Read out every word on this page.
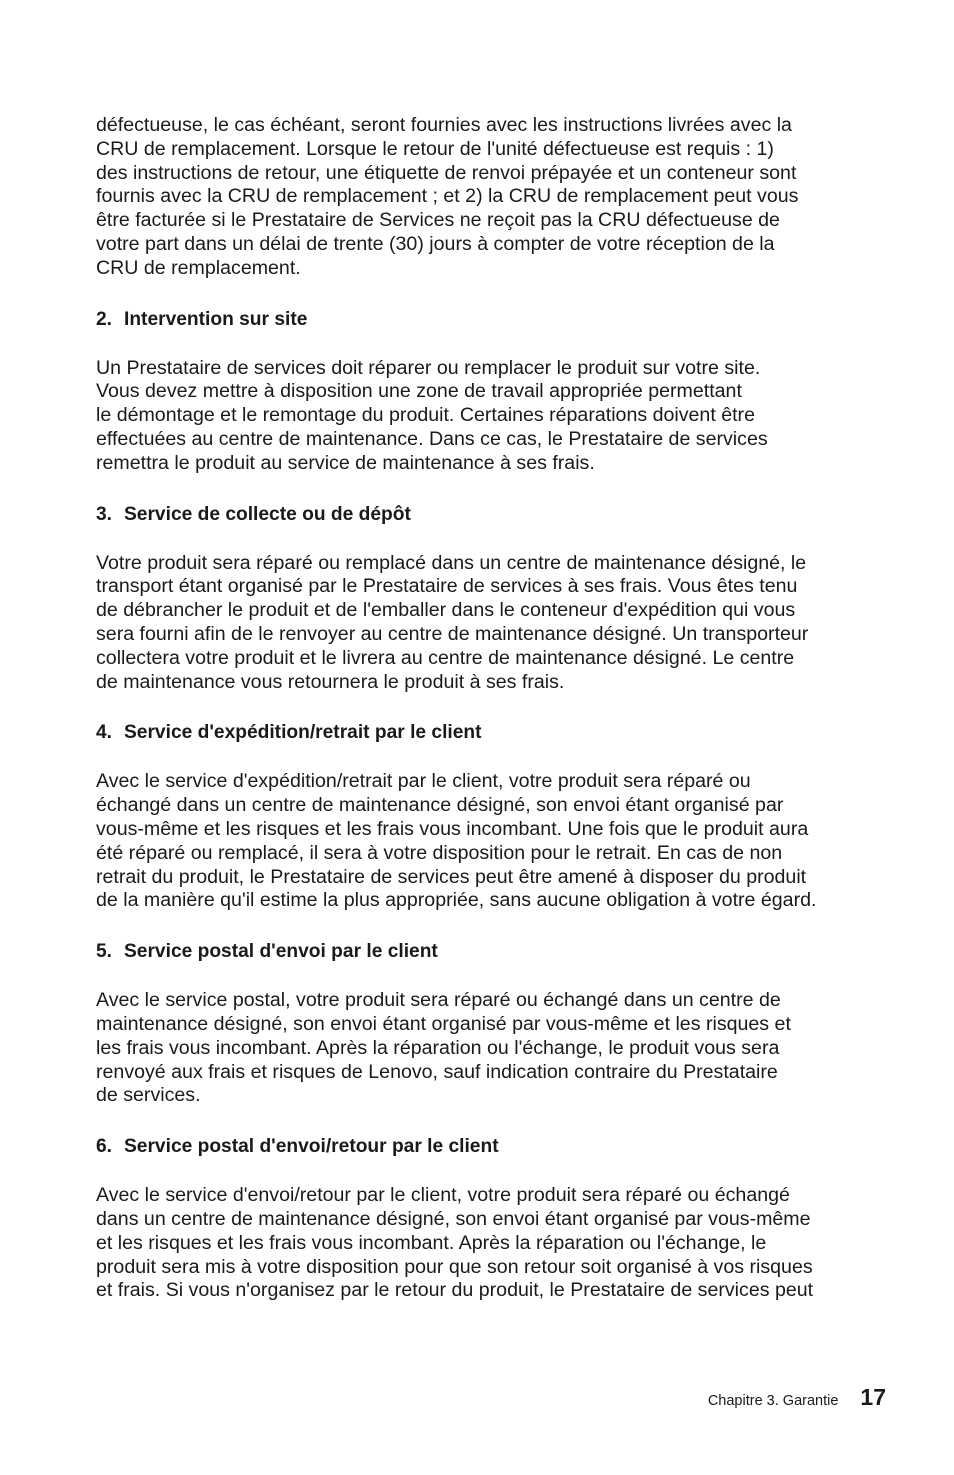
défectueuse, le cas échéant, seront fournies avec les instructions livrées avec la
CRU de remplacement. Lorsque le retour de l'unité défectueuse est requis : 1)
des instructions de retour, une étiquette de renvoi prépayée et un conteneur sont
fournis avec la CRU de remplacement ; et 2) la CRU de remplacement peut vous
être facturée si le Prestataire de Services ne reçoit pas la CRU défectueuse de
votre part dans un délai de trente (30) jours à compter de votre réception de la
CRU de remplacement.
2. Intervention sur site
Un Prestataire de services doit réparer ou remplacer le produit sur votre site.
Vous devez mettre à disposition une zone de travail appropriée permettant
le démontage et le remontage du produit. Certaines réparations doivent être
effectuées au centre de maintenance. Dans ce cas, le Prestataire de services
remettra le produit au service de maintenance à ses frais.
3. Service de collecte ou de dépôt
Votre produit sera réparé ou remplacé dans un centre de maintenance désigné, le
transport étant organisé par le Prestataire de services à ses frais. Vous êtes tenu
de débrancher le produit et de l'emballer dans le conteneur d'expédition qui vous
sera fourni afin de le renvoyer au centre de maintenance désigné. Un transporteur
collectera votre produit et le livrera au centre de maintenance désigné. Le centre
de maintenance vous retournera le produit à ses frais.
4. Service d'expédition/retrait par le client
Avec le service d'expédition/retrait par le client, votre produit sera réparé ou
échangé dans un centre de maintenance désigné, son envoi étant organisé par
vous-même et les risques et les frais vous incombant. Une fois que le produit aura
été réparé ou remplacé, il sera à votre disposition pour le retrait. En cas de non
retrait du produit, le Prestataire de services peut être amené à disposer du produit
de la manière qu'il estime la plus appropriée, sans aucune obligation à votre égard.
5. Service postal d'envoi par le client
Avec le service postal, votre produit sera réparé ou échangé dans un centre de
maintenance désigné, son envoi étant organisé par vous-même et les risques et
les frais vous incombant. Après la réparation ou l'échange, le produit vous sera
renvoyé aux frais et risques de Lenovo, sauf indication contraire du Prestataire
de services.
6. Service postal d'envoi/retour par le client
Avec le service d'envoi/retour par le client, votre produit sera réparé ou échangé
dans un centre de maintenance désigné, son envoi étant organisé par vous-même
et les risques et les frais vous incombant. Après la réparation ou l'échange, le
produit sera mis à votre disposition pour que son retour soit organisé à vos risques
et frais. Si vous n'organisez par le retour du produit, le Prestataire de services peut
Chapitre 3. Garantie 17
